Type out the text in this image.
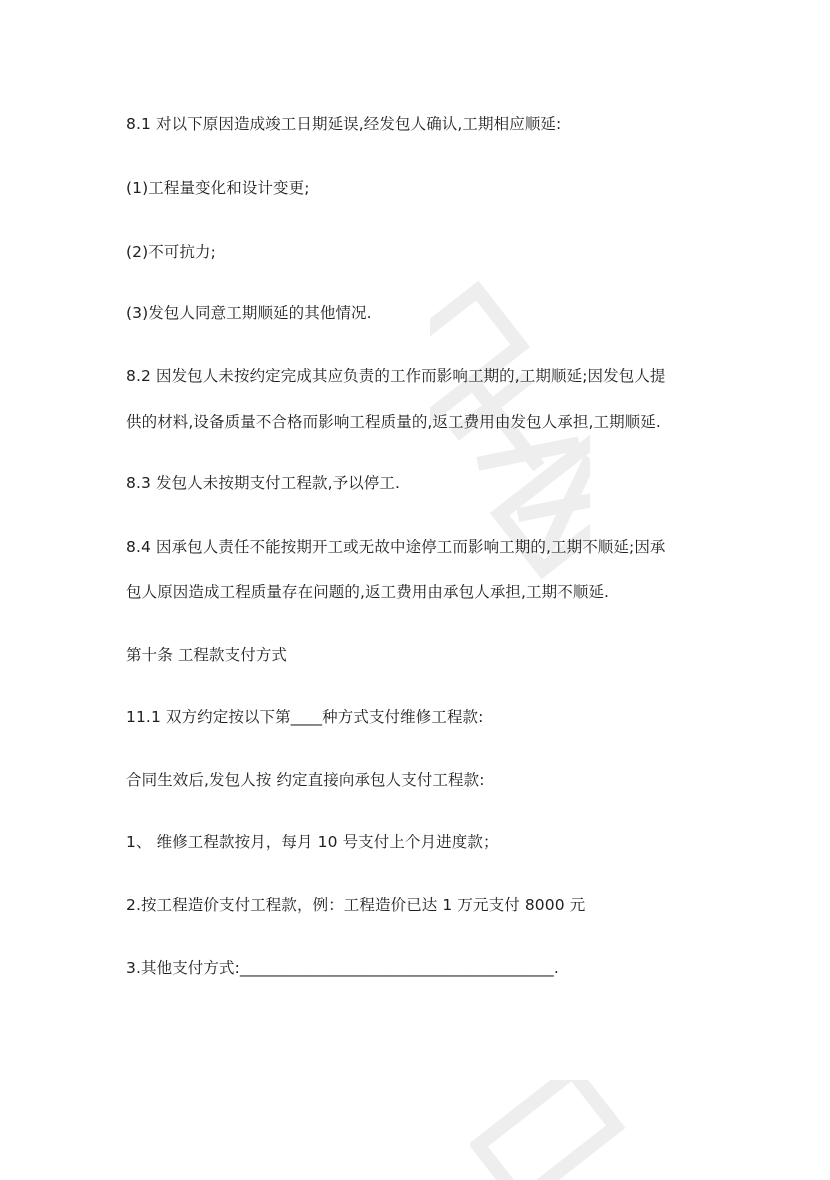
8.1 对以下原因造成竣工日期延误,经发包人确认,工期相应顺延:
(1)工程量变化和设计变更;
(2)不可抗力;
(3)发包人同意工期顺延的其他情况.
8.2 因发包人未按约定完成其应负责的工作而影响工期的,工期顺延;因发包人提
供的材料,设备质量不合格而影响工程质量的,返工费用由发包人承担,工期顺延.
8.3 发包人未按期支付工程款,予以停工.
8.4 因承包人责任不能按期开工或无故中途停工而影响工期的,工期不顺延;因承
包人原因造成工程质量存在问题的,返工费用由承包人承担,工期不顺延.
第十条 工程款支付方式
11.1 双方约定按以下第____种方式支付维修工程款:
合同生效后,发包人按 约定直接向承包人支付工程款:
1、 维修工程款按月，每月 10 号支付上个月进度款；
2.按工程造价支付工程款，例：工程造价已达 1 万元支付 8000 元
3.其他支付方式:________________________________________.
